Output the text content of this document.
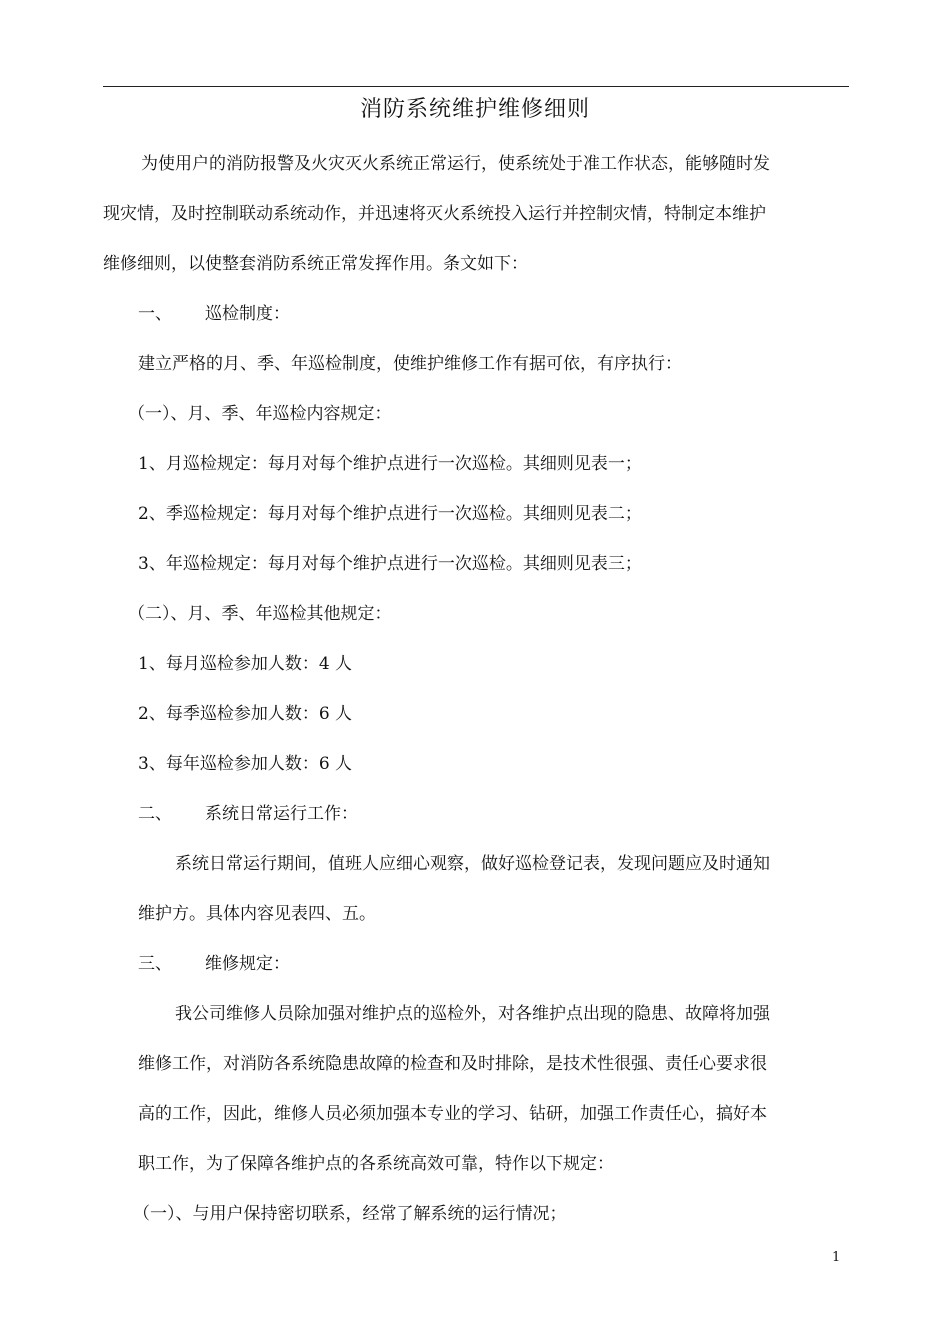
消防系统维护维修细则
为使用户的消防报警及火灾灭火系统正常运行，使系统处于准工作状态，能够随时发
现灾情，及时控制联动系统动作，并迅速将灭火系统投入运行并控制灾情，特制定本维护
维修细则，以使整套消防系统正常发挥作用。条文如下：
一、 巡检制度：
建立严格的月、季、年巡检制度，使维护维修工作有据可依，有序执行：
（一）、月、季、年巡检内容规定：
1、月巡检规定：每月对每个维护点进行一次巡检。其细则见表一；
2、季巡检规定：每月对每个维护点进行一次巡检。其细则见表二；
3、年巡检规定：每月对每个维护点进行一次巡检。其细则见表三；
（二）、月、季、年巡检其他规定：
1、每月巡检参加人数：4 人
2、每季巡检参加人数：6 人
3、每年巡检参加人数：6 人
二、 系统日常运行工作：
系统日常运行期间，值班人应细心观察，做好巡检登记表，发现问题应及时通知
维护方。具体内容见表四、五。
三、 维修规定：
我公司维修人员除加强对维护点的巡检外，对各维护点出现的隐患、故障将加强
维修工作，对消防各系统隐患故障的检查和及时排除，是技术性很强、责任心要求很
高的工作，因此，维修人员必须加强本专业的学习、钻研，加强工作责任心，搞好本
职工作，为了保障各维护点的各系统高效可靠，特作以下规定：
（一）、与用户保持密切联系，经常了解系统的运行情况；
1
